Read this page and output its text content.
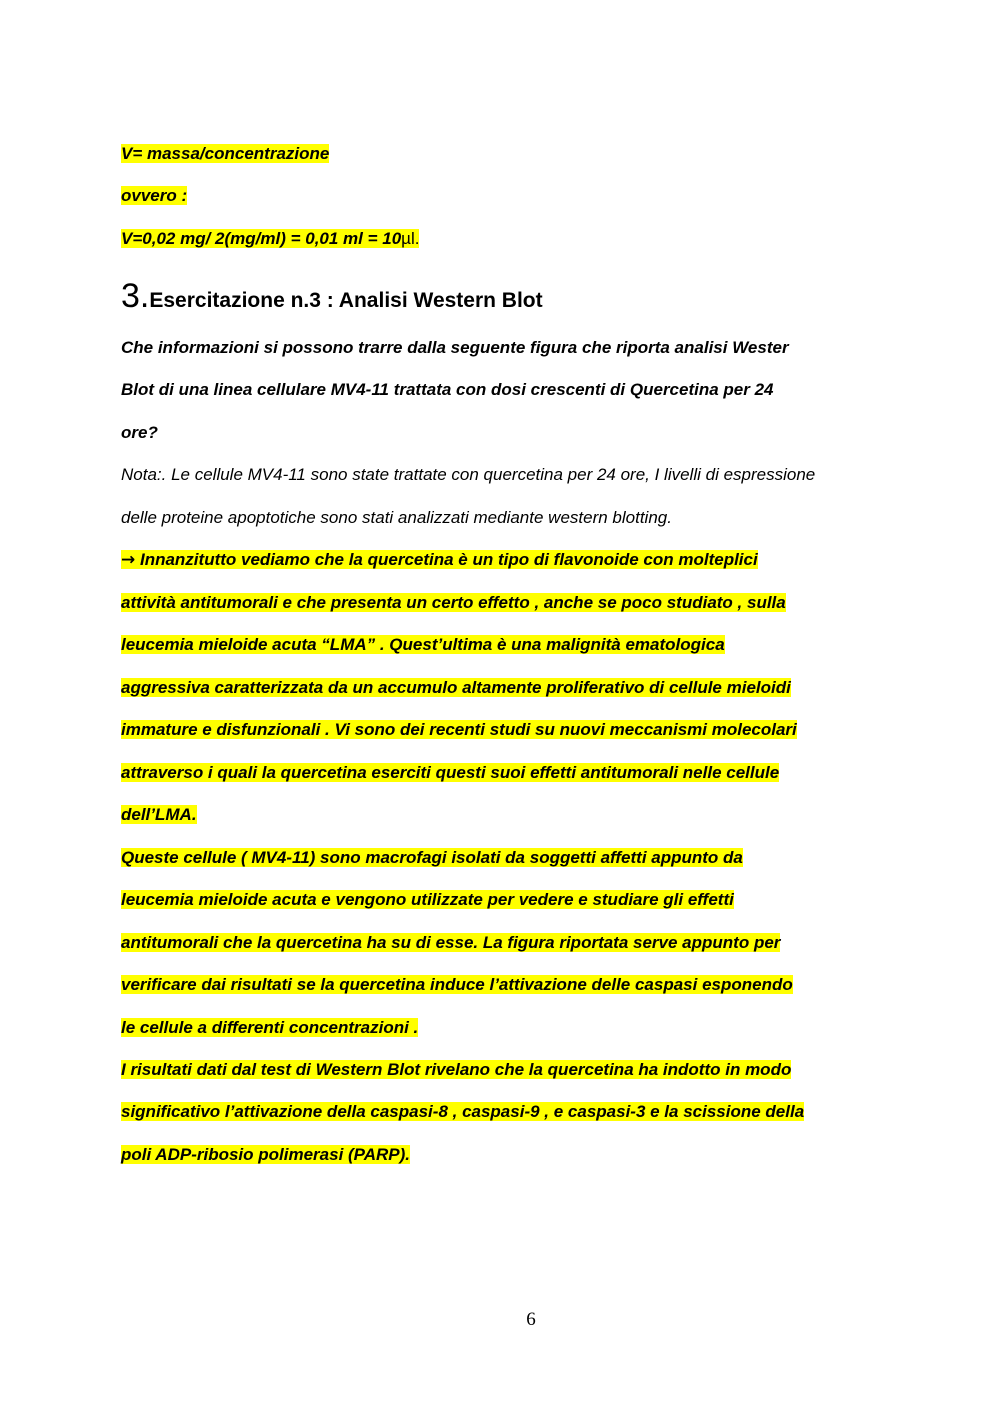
V= massa/concentrazione
ovvero :
V=0,02 mg/ 2(mg/ml) = 0,01 ml = 10µl.
3.Esercitazione n.3 : Analisi Western Blot
Che informazioni si possono trarre dalla seguente figura che riporta analisi Wester
Blot di una linea cellulare MV4-11 trattata con dosi crescenti di Quercetina per 24
ore?
Nota:. Le cellule MV4-11 sono state trattate con quercetina per 24 ore, I livelli di espressione
delle proteine apoptotiche sono stati analizzati mediante western blotting.
→ Innanzitutto vediamo che la quercetina è un tipo di flavonoide con molteplici
attività antitumorali e che presenta un certo effetto , anche se poco studiato , sulla
leucemia mieloide acuta “LMA” . Quest’ultima è una malignità ematologica
aggressiva caratterizzata da un accumulo altamente proliferativo di cellule mieloidi
immature e disfunzionali . Vi sono dei recenti studi su nuovi meccanismi molecolari
attraverso i quali la quercetina eserciti questi suoi effetti antitumorali nelle cellule
dell’LMA.
Queste cellule ( MV4-11) sono macrofagi isolati da soggetti affetti appunto da
leucemia mieloide acuta e vengono utilizzate per vedere e studiare gli effetti
antitumorali che la quercetina ha su di esse. La figura riportata serve appunto per
verificare dai risultati se la quercetina induce l’attivazione delle caspasi esponendo
le cellule a differenti concentrazioni .
I risultati dati dal test di Western Blot rivelano che la quercetina ha indotto in modo
significativo l’attivazione della caspasi-8 , caspasi-9 , e caspasi-3 e la scissione della
poli ADP-ribosio polimerasi (PARP).
6
